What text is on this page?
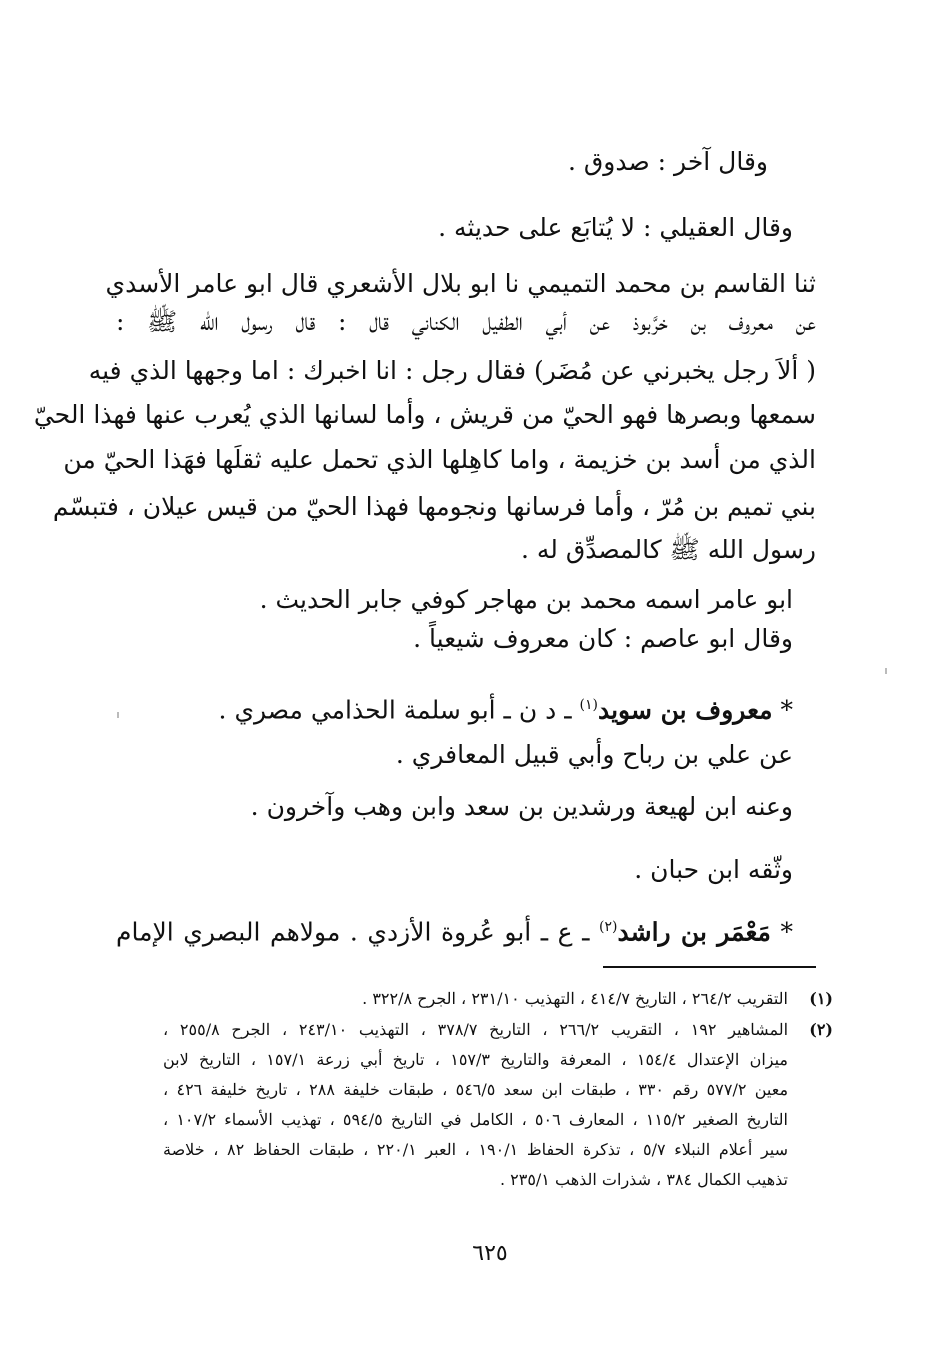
وقال آخر : صدوق .
وقال العقيلي : لا يُتابَع على حديثه .
ثنا القاسم بن محمد التميمي نا ابو بلال الأشعري قال ابو عامر الأسدي
عن معروف بن خرَّبوذ عن أبي الطفيل الكناني قال : قال رسول الله ﷺ :
( ألاَ رجل يخبرني عن مُضَر) فقال رجل : انا اخبرك : اما وجهها الذي فيه
سمعها وبصرها فهو الحيّ من قريش ، وأما لسانها الذي يُعرب عنها فهذا الحيّ
الذي من أسد بن خزيمة ، واما كاهِلها الذي تحمل عليه ثقلَها فهَذا الحيّ من
بني تميم بن مُرّ ، وأما فرسانها ونجومها فهذا الحيّ من قيس عيلان ، فتبسّم
رسول الله ﷺ كالمصدِّق له .
ابو عامر اسمه محمد بن مهاجر كوفي جابر الحديث .
وقال ابو عاصم : كان معروف شيعياً .
* معروف بن سويد$^{(١)}$ ـ د ن ـ أبو سلمة الحذامي مصري .
عن علي بن رباح وأبي قبيل المعافري .
وعنه ابن لهيعة ورشدين بن سعد وابن وهب وآخرون .
وثّقه ابن حبان .
* مَعْمَر بن راشد$^{(٢)}$ ـ ع ـ أبو عُروة الأزدي . مولاهم البصري الإمام
(١)
التقريب ٢٦٤/٢ ، التاريخ ٤١٤/٧ ، التهذيب ٢٣١/١٠ ، الجرح ٣٢٢/٨ .
(٢)
المشاهير ١٩٢ ، التقريب ٢٦٦/٢ ، التاريخ ٣٧٨/٧ ، التهذيب ٢٤٣/١٠ ، الجرح ٢٥٥/٨ ،
ميزان الإعتدال ١٥٤/٤ ، المعرفة والتاريخ ١٥٧/٣ ، تاريخ أبي زرعة ١٥٧/١ ، التاريخ لابن
معين ٥٧٧/٢ رقم ٣٣٠ ، طبقات ابن سعد ٥٤٦/٥ ، طبقات خليفة ٢٨٨ ، تاريخ خليفة ٤٢٦ ،
التاريخ الصغير ١١٥/٢ ، المعارف ٥٠٦ ، الكامل في التاريخ ٥٩٤/٥ ، تهذيب الأسماء ١٠٧/٢ ،
سير أعلام النبلاء ٥/٧ ، تذكرة الحفاظ ١٩٠/١ ، العبر ٢٢٠/١ ، طبقات الحفاظ ٨٢ ، خلاصة
تذهيب الكمال ٣٨٤ ، شذرات الذهب ٢٣٥/١ .
٦٢٥
